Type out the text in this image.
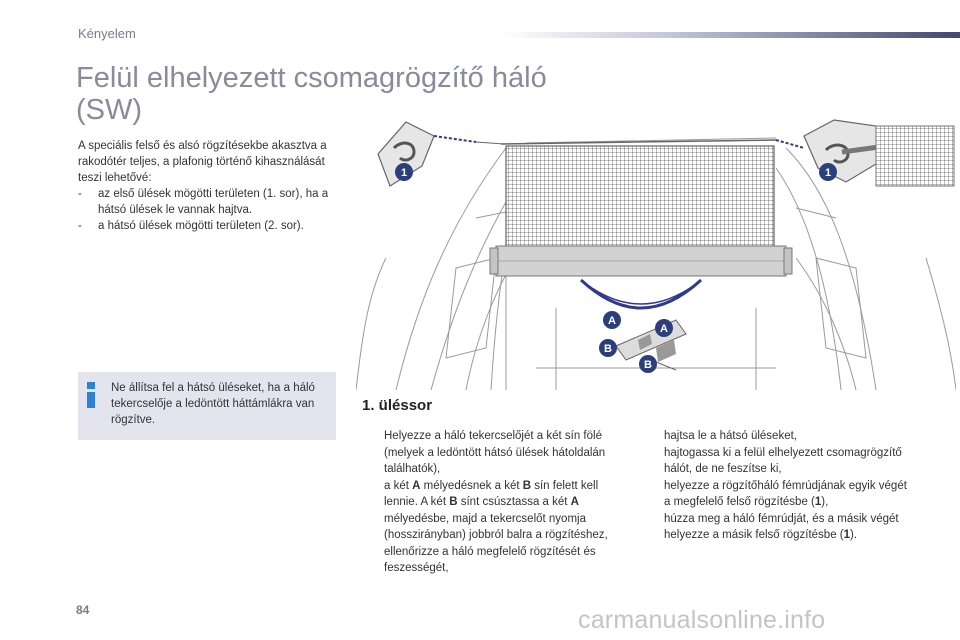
Kényelem
Felül elhelyezett csomagrögzítő háló
(SW)

A speciális felső és alsó rögzítésekbe akasztva a rakodótér teljes, a plafonig történő kihasználását teszi lehetővé:

- az első ülések mögötti területen (1. sor), ha a hátsó ülések le vannak hajtva.
- a hátsó ülések mögötti területen (2. sor).
Ne állítsa fel a hátsó üléseket, ha a háló tekercselője a ledöntött háttámlákra van rögzítve.
1	1
A
A
B
B
1. üléssor
Helyezze a háló tekercselőjét a két sín fölé (melyek a ledöntött hátsó ülések hátoldalán találhatók),
a két A mélyedésnek a két B sín felett kell lennie. A két B sínt csúsztassa a két A mélyedésbe, majd a tekercselőt nyomja (hosszirányban) jobbról balra a rögzítéshez,
ellenőrizze a háló megfelelő rögzítését és feszességét,
hajtsa le a hátsó üléseket,
hajtogassa ki a felül elhelyezett csomagrögzítő hálót, de ne feszítse ki,
helyezze a rögzítőháló fémrúdjának egyik végét a megfelelő felső rögzítésbe (1),
húzza meg a háló fémrúdját, és a másik végét helyezze a másik felső rögzítésbe (1).
84	carmanualsonline.info
